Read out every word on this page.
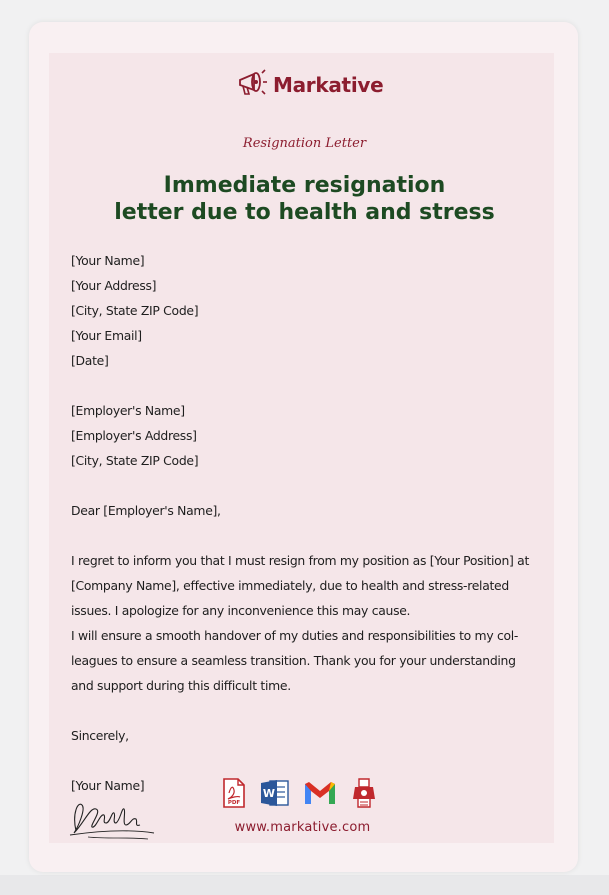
Markative
Resignation Letter
Immediate resignation
letter due to health and stress
[Your Name]
[Your Address]
[City, State ZIP Code]
[Your Email]
[Date]
[Employer's Name]
[Employer's Address]
[City, State ZIP Code]
Dear [Employer's Name],
I regret to inform you that I must resign from my position as [Your Position] at
[Company Name], effective immediately, due to health and stress-related
issues. I apologize for any inconvenience this may cause.
I will ensure a smooth handover of my duties and responsibilities to my col-
leagues to ensure a seamless transition. Thank you for your understanding
and support during this difficult time.
Sincerely,
[Your Name]
PDF
W
www.markative.com
